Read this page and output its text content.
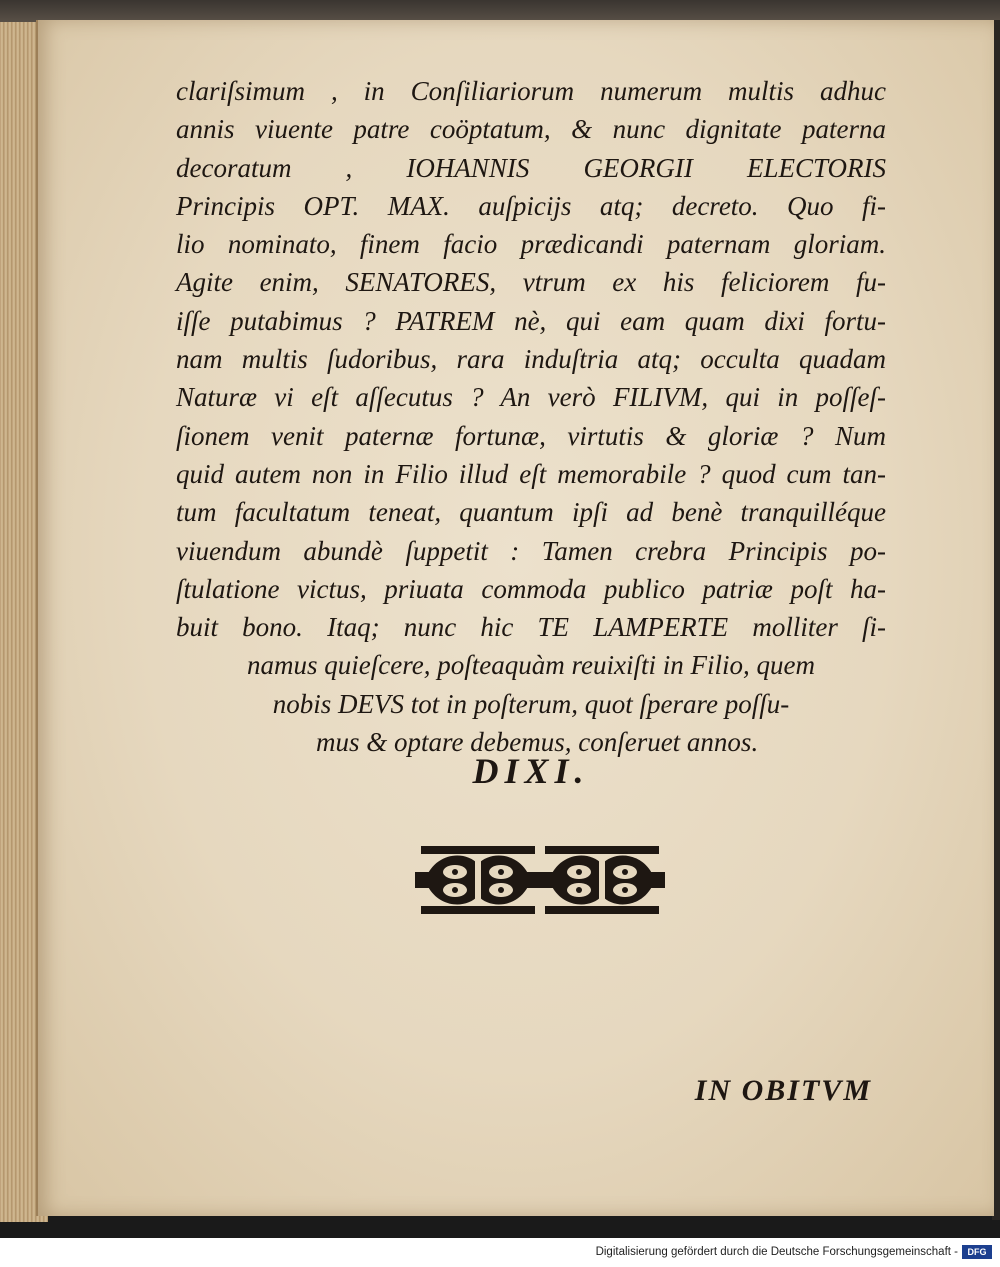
clariſsimum , in Conſiliariorum numerum multis adhuc
annis viuente patre coöptatum, & nunc dignitate paterna
decoratum , IOHANNIS GEORGII ELECTORIS
Principis OPT. MAX. auſpicijs atq; decreto. Quo fi-
lio nominato, finem facio prædicandi paternam gloriam.
Agite enim, SENATORES, vtrum ex his feliciorem fu-
iſſe putabimus ? PATREM nè, qui eam quam dixi fortu-
nam multis ſudoribus, rara induſtria atq; occulta quadam
Naturæ vi eſt aſſecutus ? An verò FILIVM, qui in poſſeſ-
ſionem venit paternæ fortunæ, virtutis & gloriæ ? Num
quid autem non in Filio illud eſt memorabile ? quod cum tan-
tum facultatum teneat, quantum ipſi ad benè tranquilléque
viuendum abundè ſuppetit : Tamen crebra Principis po-
ſtulatione victus, priuata commoda publico patriæ poſt ha-
buit bono. Itaq; nunc hic TE LAMPERTE molliter ſi-
namus quieſcere, poſteaquàm reuixiſti in Filio, quem
nobis DEVS tot in poſterum, quot ſperare poſſu-
mus & optare debemus, conſeruet annos.
DIXI.
IN OBITVM
Digitalisierung gefördert durch die Deutsche Forschungsgemeinschaft -	DFG
